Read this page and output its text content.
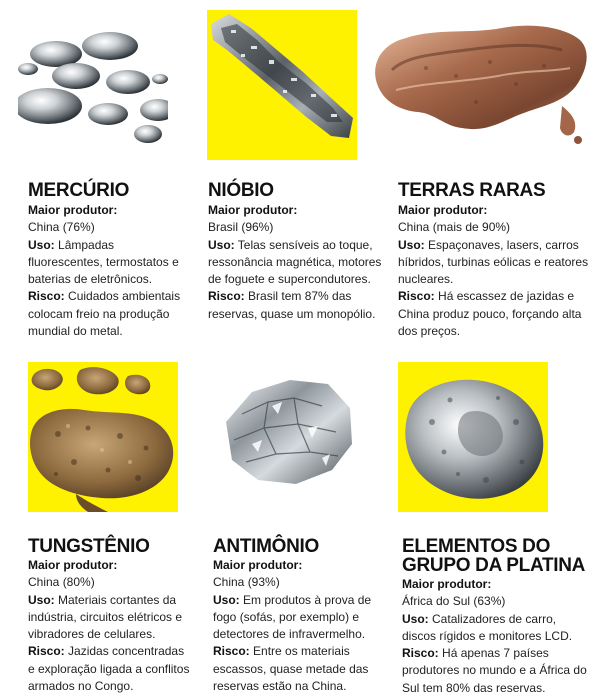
MERCÚRIO

Maior produtor:

China (76%)

Uso: Lâmpadas fluorescentes, termostatos e baterias de eletrônicos.

Risco: Cuidados ambientais colocam freio na produção mundial do metal.

NIÓBIO

Maior produtor:

Brasil (96%)

Uso: Telas sensíveis ao toque, ressonância magnética, motores de foguete e supercondutores.

Risco: Brasil tem 87% das reservas, quase um monopólio.

TERRAS RARAS

Maior produtor:

China (mais de 90%)

Uso: Espaçonaves, lasers, carros híbridos, turbinas eólicas e reatores nucleares.

Risco: Há escassez de jazidas e China produz pouco, forçando alta dos preços.

TUNGSTÊNIO

Maior produtor:

China (80%)

Uso: Materiais cortantes da indústria, circuitos elétricos e vibradores de celulares.

Risco: Jazidas concentradas e exploração ligada a conflitos armados no Congo.

ANTIMÔNIO

Maior produtor:

China (93%)

Uso: Em produtos à prova de fogo (sofás, por exemplo) e detectores de infravermelho.

Risco: Entre os materiais escassos, quase metade das reservas estão na China.

ELEMENTOS DO GRUPO DA PLATINA

Maior produtor:

África do Sul (63%)

Uso: Catalizadores de carro, discos rígidos e monitores LCD.

Risco: Há apenas 7 países produtores no mundo e a África do Sul tem 80% das reservas.
